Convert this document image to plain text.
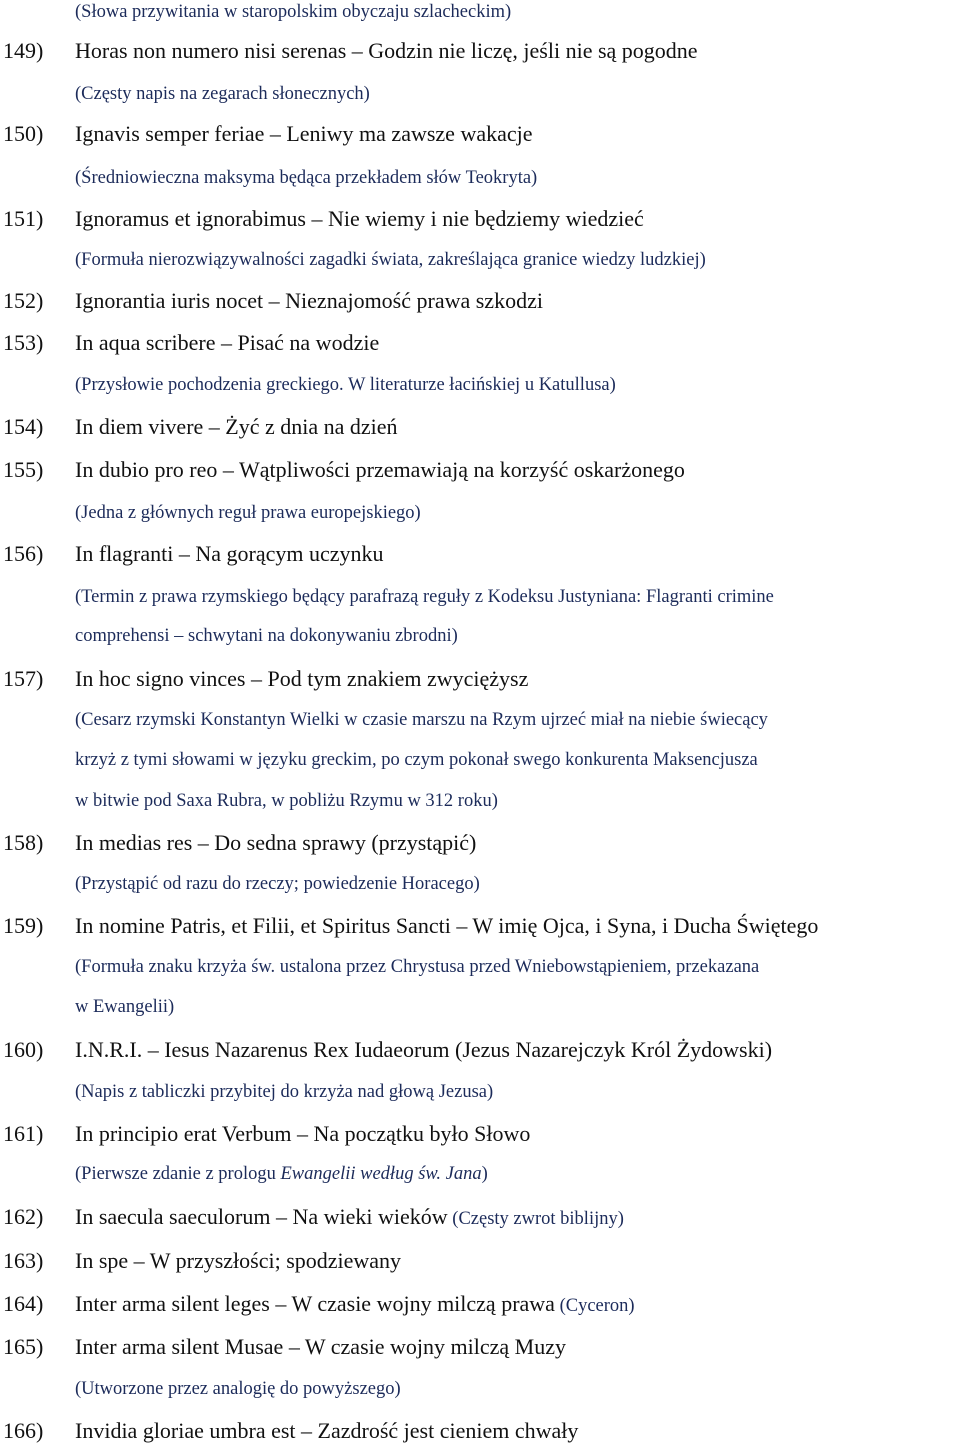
(Słowa przywitania w staropolskim obyczaju szlacheckim)
149) Horas non numero nisi serenas – Godzin nie liczę, jeśli nie są pogodne
(Częsty napis na zegarach słonecznych)
150) Ignavis semper feriae – Leniwy ma zawsze wakacje
(Średniowieczna maksyma będąca przekładem słów Teokryta)
151) Ignoramus et ignorabimus – Nie wiemy i nie będziemy wiedzieć
(Formuła nierozwiązywalności zagadki świata, zakreślająca granice wiedzy ludzkiej)
152) Ignorantia iuris nocet – Nieznajomość prawa szkodzi
153) In aqua scribere – Pisać na wodzie
(Przysłowie pochodzenia greckiego. W literaturze łacińskiej u Katullusa)
154) In diem vivere – Żyć z dnia na dzień
155) In dubio pro reo – Wątpliwości przemawiają na korzyść oskarżonego
(Jedna z głównych reguł prawa europejskiego)
156) In flagranti – Na gorącym uczynku
(Termin z prawa rzymskiego będący parafrazą reguły z Kodeksu Justyniana: Flagranti crimine
comprehensi – schwytani na dokonywaniu zbrodni)
157) In hoc signo vinces – Pod tym znakiem zwyciężysz
(Cesarz rzymski Konstantyn Wielki w czasie marszu na Rzym ujrzeć miał na niebie świecący
krzyż z tymi słowami w języku greckim, po czym pokonał swego konkurenta Maksencjusza
w bitwie pod Saxa Rubra, w pobliżu Rzymu w 312 roku)
158) In medias res – Do sedna sprawy (przystąpić)
(Przystąpić od razu do rzeczy; powiedzenie Horacego)
159) In nomine Patris, et Filii, et Spiritus Sancti – W imię Ojca, i Syna, i Ducha Świętego
(Formuła znaku krzyża św. ustalona przez Chrystusa przed Wniebowstąpieniem, przekazana
w Ewangelii)
160) I.N.R.I. – Iesus Nazarenus Rex Iudaeorum (Jezus Nazarejczyk Król Żydowski)
(Napis z tabliczki przybitej do krzyża nad głową Jezusa)
161) In principio erat Verbum – Na początku było Słowo
(Pierwsze zdanie z prologu Ewangelii według św. Jana)
162) In saecula saeculorum – Na wieki wieków (Częsty zwrot biblijny)
163) In spe – W przyszłości; spodziewany
164) Inter arma silent leges – W czasie wojny milczą prawa (Cyceron)
165) Inter arma silent Musae – W czasie wojny milczą Muzy
(Utworzone przez analogię do powyższego)
166) Invidia gloriae umbra est – Zazdrość jest cieniem chwały
